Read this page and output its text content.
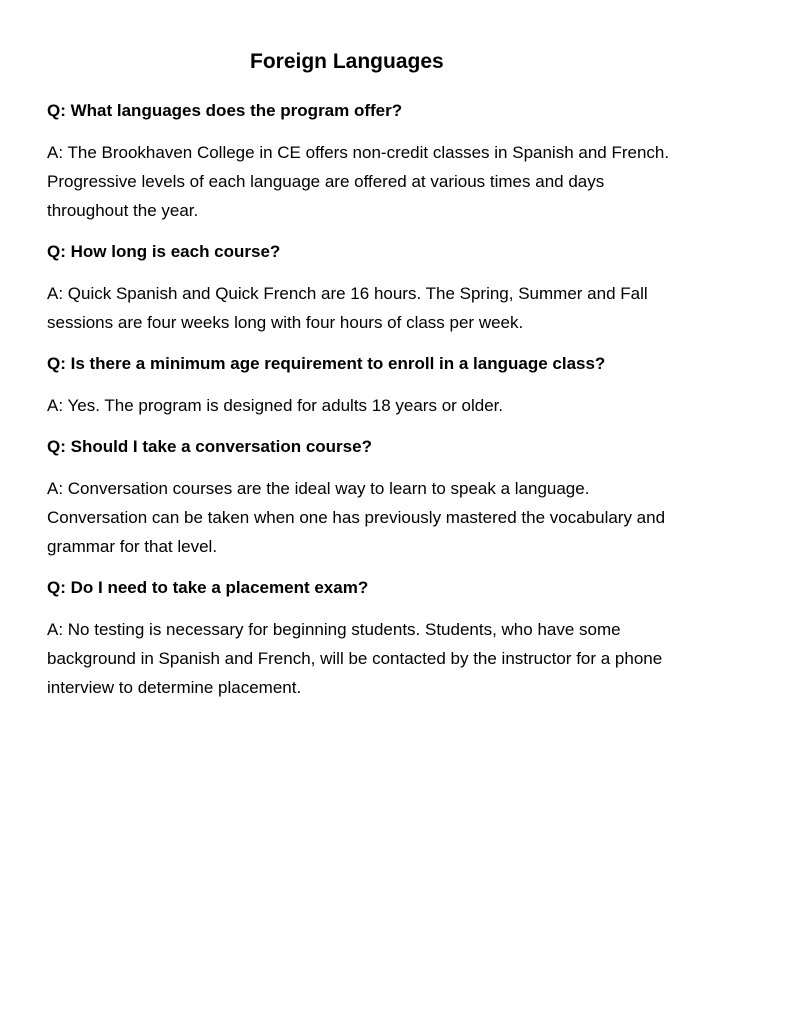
Foreign Languages

Q: What languages does the program offer?

A: The Brookhaven College in CE offers non-credit classes in Spanish and French.
Progressive levels of each language are offered at various times and days
throughout the year.

Q: How long is each course?

A: Quick Spanish and Quick French are 16 hours. The Spring, Summer and Fall
sessions are four weeks long with four hours of class per week.

Q: Is there a minimum age requirement to enroll in a language class?

A: Yes. The program is designed for adults 18 years or older.

Q: Should I take a conversation course?

A: Conversation courses are the ideal way to learn to speak a language.
Conversation can be taken when one has previously mastered the vocabulary and
grammar for that level.

Q: Do I need to take a placement exam?

A: No testing is necessary for beginning students. Students, who have some
background in Spanish and French, will be contacted by the instructor for a phone
interview to determine placement.
